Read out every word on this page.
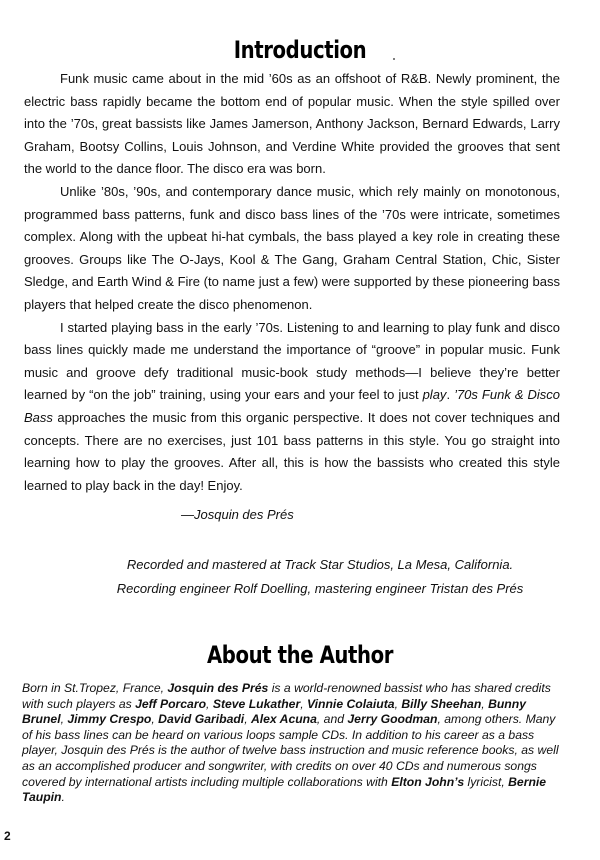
Introduction

Funk music came about in the mid ’60s as an offshoot of R&B. Newly prominent, the electric bass rapidly became the bottom end of popular music. When the style spilled over into the ’70s, great bassists like James Jamerson, Anthony Jackson, Bernard Edwards, Larry Graham, Bootsy Collins, Louis Johnson, and Verdine White provided the grooves that sent the world to the dance floor. The disco era was born.

Unlike ’80s, ’90s, and contemporary dance music, which rely mainly on monotonous, programmed bass patterns, funk and disco bass lines of the ’70s were intricate, sometimes complex. Along with the upbeat hi-hat cymbals, the bass played a key role in creating these grooves. Groups like The O-Jays, Kool & The Gang, Graham Central Station, Chic, Sister Sledge, and Earth Wind & Fire (to name just a few) were supported by these pioneering bass players that helped create the disco phenomenon.

I started playing bass in the early ’70s. Listening to and learning to play funk and disco bass lines quickly made me understand the importance of “groove” in popular music. Funk music and groove defy traditional music-book study methods—I believe they’re better learned by “on the job” training, using your ears and your feel to just play. ’70s Funk & Disco Bass approaches the music from this organic perspective. It does not cover techniques and concepts. There are no exercises, just 101 bass patterns in this style. You go straight into learning how to play the grooves. After all, this is how the bassists who created this style learned to play back in the day! Enjoy.

—Josquin des Prés
Recorded and mastered at Track Star Studios, La Mesa, California.
Recording engineer Rolf Doelling, mastering engineer Tristan des Prés
About the Author
Born in St.Tropez, France, Josquin des Prés is a world-renowned bassist who has shared credits with such players as Jeff Porcaro, Steve Lukather, Vinnie Colaiuta, Billy Sheehan, Bunny Brunel, Jimmy Crespo, David Garibadi, Alex Acuna, and Jerry Goodman, among others. Many of his bass lines can be heard on various loops sample CDs. In addition to his career as a bass player, Josquin des Prés is the author of twelve bass instruction and music reference books, as well as an accomplished producer and songwriter, with credits on over 40 CDs and numerous songs covered by international artists including multiple collaborations with Elton John’s lyricist, Bernie Taupin.
2
